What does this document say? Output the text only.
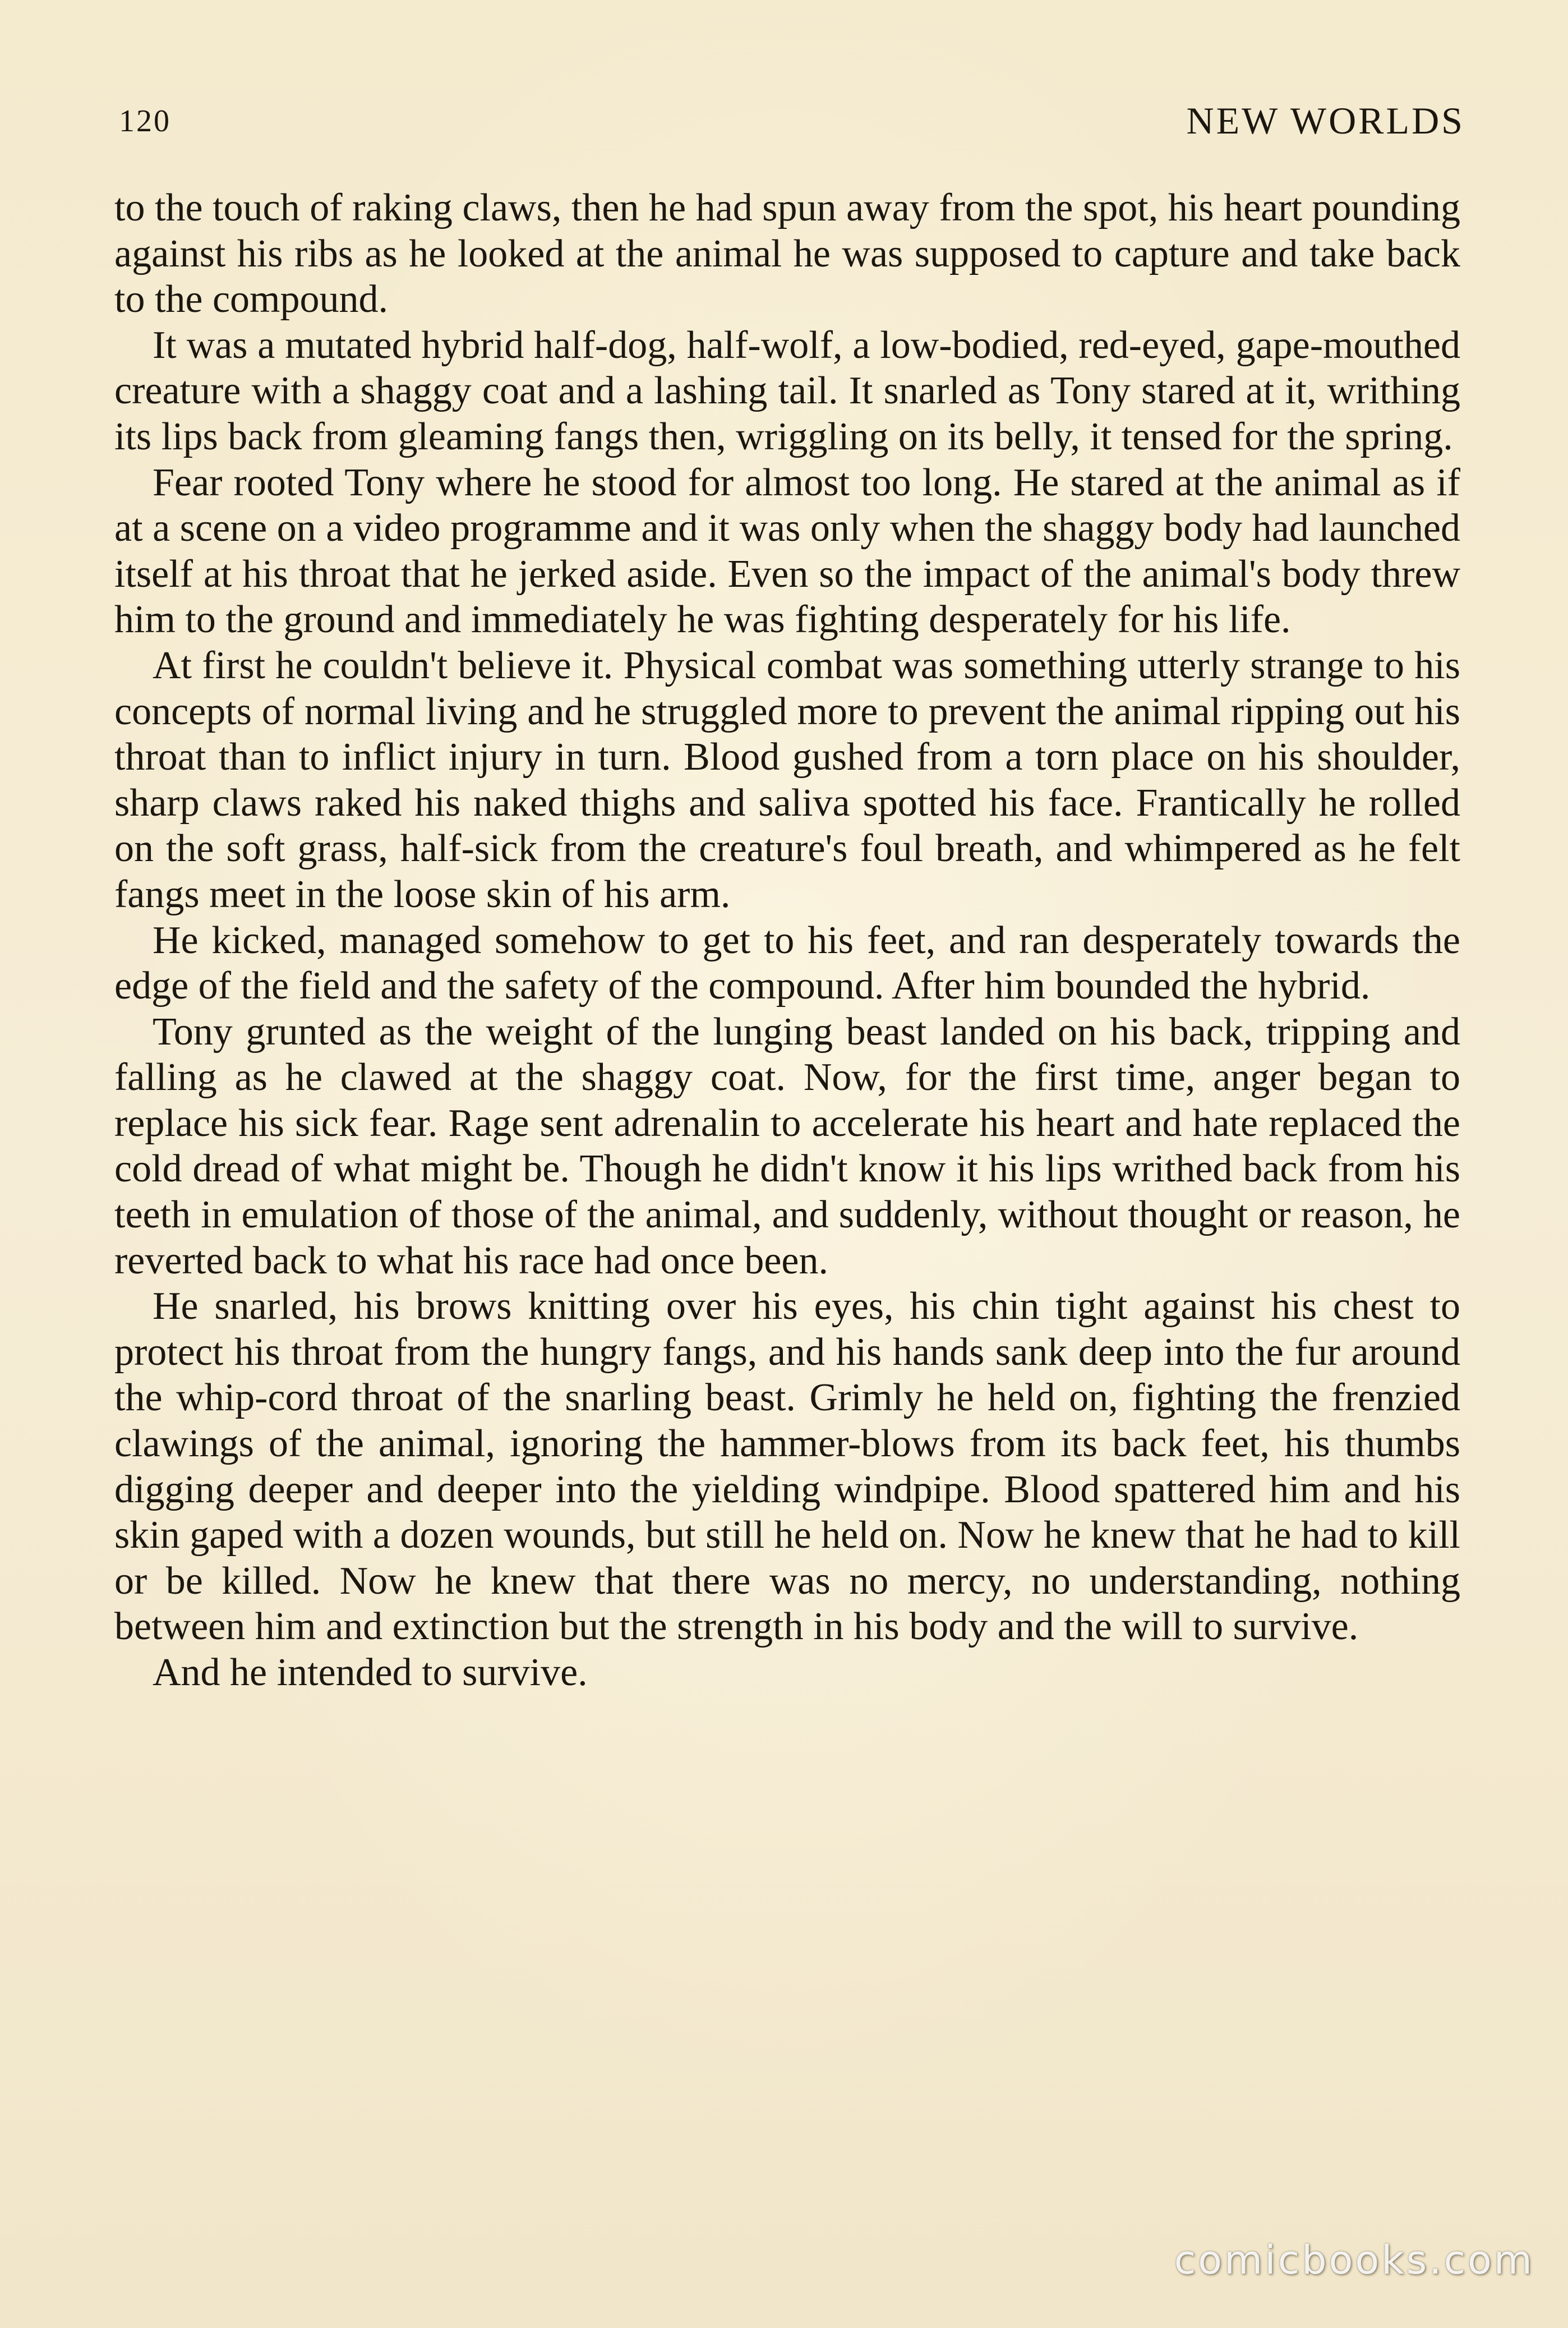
120	NEW WORLDS

to the touch of raking claws, then he had spun away from the spot, his heart pounding against his ribs as he looked at the animal he was supposed to capture and take back to the compound.

It was a mutated hybrid half-dog, half-wolf, a low-bodied, red-eyed, gape-mouthed creature with a shaggy coat and a lashing tail. It snarled as Tony stared at it, writhing its lips back from gleaming fangs then, wriggling on its belly, it tensed for the spring.

Fear rooted Tony where he stood for almost too long. He stared at the animal as if at a scene on a video programme and it was only when the shaggy body had launched itself at his throat that he jerked aside. Even so the impact of the animal's body threw him to the ground and immediately he was fighting desperately for his life.

At first he couldn't believe it. Physical combat was something utterly strange to his concepts of normal living and he struggled more to prevent the animal ripping out his throat than to inflict injury in turn. Blood gushed from a torn place on his shoulder, sharp claws raked his naked thighs and saliva spotted his face. Frantically he rolled on the soft grass, half-sick from the creature's foul breath, and whimpered as he felt fangs meet in the loose skin of his arm.

He kicked, managed somehow to get to his feet, and ran desperately towards the edge of the field and the safety of the compound. After him bounded the hybrid.

Tony grunted as the weight of the lunging beast landed on his back, tripping and falling as he clawed at the shaggy coat. Now, for the first time, anger began to replace his sick fear. Rage sent adrenalin to accelerate his heart and hate replaced the cold dread of what might be. Though he didn't know it his lips writhed back from his teeth in emulation of those of the animal, and suddenly, without thought or reason, he reverted back to what his race had once been.

He snarled, his brows knitting over his eyes, his chin tight against his chest to protect his throat from the hungry fangs, and his hands sank deep into the fur around the whip-cord throat of the snarling beast. Grimly he held on, fighting the frenzied clawings of the animal, ignoring the hammer-blows from its back feet, his thumbs digging deeper and deeper into the yielding windpipe. Blood spattered him and his skin gaped with a dozen wounds, but still he held on. Now he knew that he had to kill or be killed. Now he knew that there was no mercy, no understanding, nothing between him and extinction but the strength in his body and the will to survive.

And he intended to survive.

comicbooks.com
